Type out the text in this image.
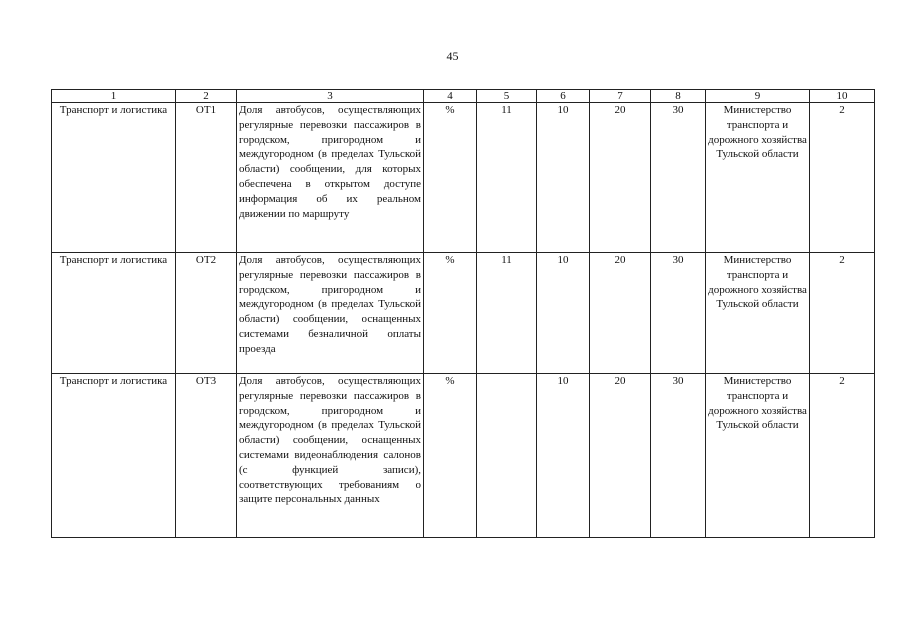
45
1	2	3	4	5	6	7	8	9	10
Транспорт и логистика	ОТ1	Доля автобусов, осуществляющих регулярные перевозки пассажиров в городском, пригородном и междугородном (в пределах Тульской области) сообщении, для которых обеспечена в открытом доступе информация об их реальном движении по маршруту	%	11	10	20	30	Министерство транспорта и дорожного хозяйства Тульской области	2
Транспорт и логистика	ОТ2	Доля автобусов, осуществляющих регулярные перевозки пассажиров в городском, пригородном и междугородном (в пределах Тульской области) сообщении, оснащенных системами безналичной оплаты проезда	%	11	10	20	30	Министерство транспорта и дорожного хозяйства Тульской области	2
Транспорт и логистика	ОТ3	Доля автобусов, осуществляющих регулярные перевозки пассажиров в городском, пригородном и междугородном (в пределах Тульской области) сообщении, оснащенных системами видеонаблюдения салонов (с функцией записи), соответствующих требованиям о защите персональных данных	%		10	20	30	Министерство транспорта и дорожного хозяйства Тульской области	2
